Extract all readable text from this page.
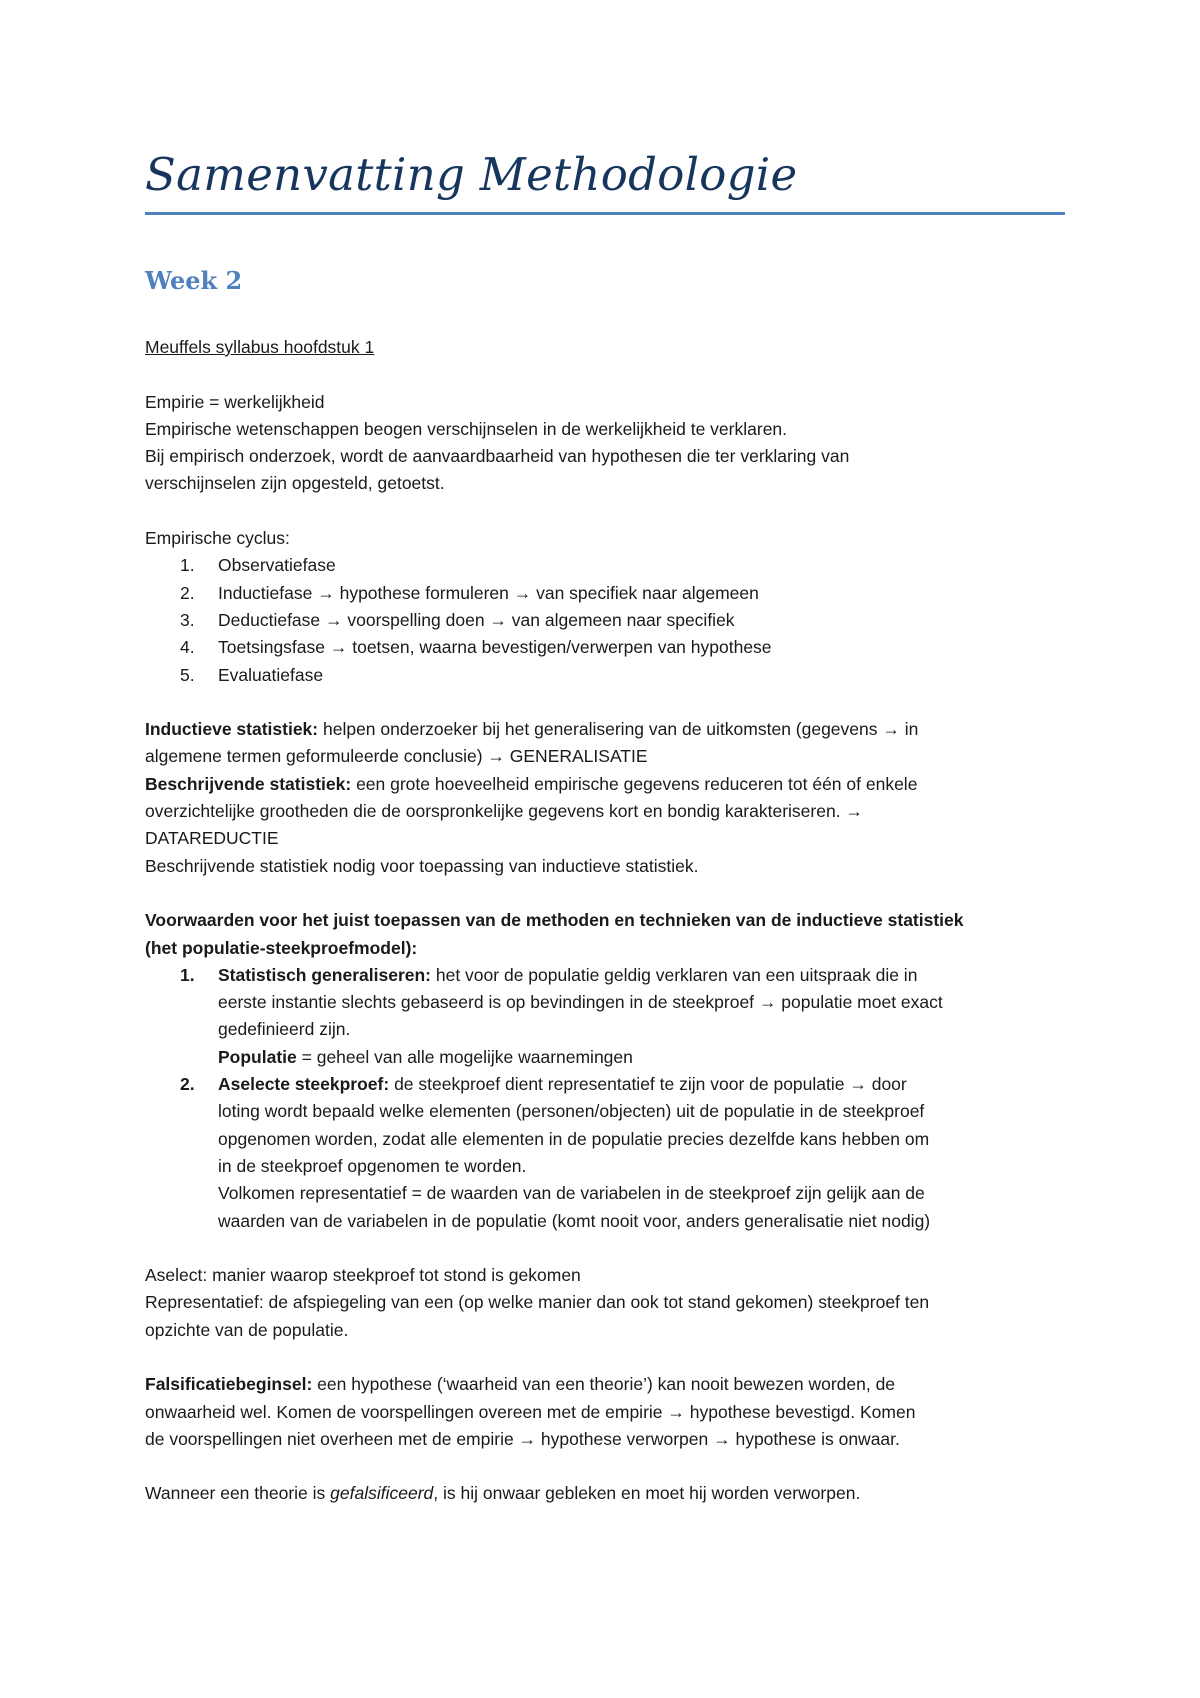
Samenvatting Methodologie
Week 2
Meuffels syllabus hoofdstuk 1
Empirie = werkelijkheid
Empirische wetenschappen beogen verschijnselen in de werkelijkheid te verklaren.
Bij empirisch onderzoek, wordt de aanvaardbaarheid van hypothesen die ter verklaring van
verschijnselen zijn opgesteld, getoetst.
Empirische cyclus:
1. Observatiefase
2. Inductiefase → hypothese formuleren → van specifiek naar algemeen
3. Deductiefase → voorspelling doen → van algemeen naar specifiek
4. Toetsingsfase → toetsen, waarna bevestigen/verwerpen van hypothese
5. Evaluatiefase
Inductieve statistiek: helpen onderzoeker bij het generalisering van de uitkomsten (gegevens → in
algemene termen geformuleerde conclusie) → GENERALISATIE
Beschrijvende statistiek: een grote hoeveelheid empirische gegevens reduceren tot één of enkele
overzichtelijke grootheden die de oorspronkelijke gegevens kort en bondig karakteriseren. →
DATAREDUCTIE
Beschrijvende statistiek nodig voor toepassing van inductieve statistiek.
Voorwaarden voor het juist toepassen van de methoden en technieken van de inductieve statistiek
(het populatie-steekproefmodel):
1. Statistisch generaliseren: het voor de populatie geldig verklaren van een uitspraak die in
eerste instantie slechts gebaseerd is op bevindingen in de steekproef → populatie moet exact
gedefinieerd zijn.
Populatie = geheel van alle mogelijke waarnemingen
2. Aselecte steekproef: de steekproef dient representatief te zijn voor de populatie → door
loting wordt bepaald welke elementen (personen/objecten) uit de populatie in de steekproef
opgenomen worden, zodat alle elementen in de populatie precies dezelfde kans hebben om
in de steekproef opgenomen te worden.
Volkomen representatief = de waarden van de variabelen in de steekproef zijn gelijk aan de
waarden van de variabelen in de populatie (komt nooit voor, anders generalisatie niet nodig)
Aselect: manier waarop steekproef tot stond is gekomen
Representatief: de afspiegeling van een (op welke manier dan ook tot stand gekomen) steekproef ten
opzichte van de populatie.
Falsificatiebeginsel: een hypothese (‘waarheid van een theorie’) kan nooit bewezen worden, de
onwaarheid wel. Komen de voorspellingen overeen met de empirie → hypothese bevestigd. Komen
de voorspellingen niet overheen met de empirie → hypothese verworpen → hypothese is onwaar.
Wanneer een theorie is gefalsificeerd, is hij onwaar gebleken en moet hij worden verworpen.
